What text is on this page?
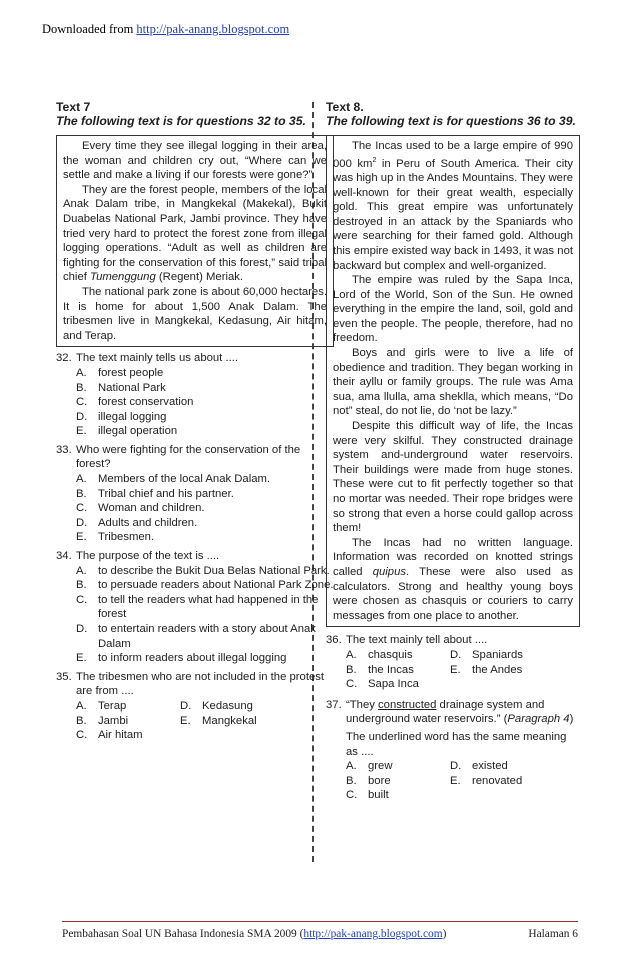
Downloaded from http://pak-anang.blogspot.com
Text 7
The following text is for questions 32 to 35.

Every time they see illegal logging in their area, the woman and children cry out, “Where can we settle and make a living if our forests were gone?”

They are the forest people, members of the local Anak Dalam tribe, in Mangkekal (Makekal), Bukit Duabelas National Park, Jambi province. They have tried very hard to protect the forest zone from illegal logging operations. “Adult as well as children are fighting for the conservation of this forest,” said tribal chief Tumenggung (Regent) Meriak.

The national park zone is about 60,000 hectares. It is home for about 1,500 Anak Dalam. The tribesmen live in Mangkekal, Kedasung, Air hitam, and Terap.

32. The text mainly tells us about ....
A.	forest people
B.	National Park
C. forest conservation
D. illegal logging
E.	illegal operation
33. Who were fighting for the conservation of the forest?
A.	Members of the local Anak Dalam.
B.	Tribal chief and his partner.
C. Woman and children.
D. Adults and children.
E.	Tribesmen.
34. The purpose of the text is ....
A.	to describe the Bukit Dua Belas National Park.
B.	to persuade readers about National Park Zone.
C. to tell the readers what had happened in the forest
D. to entertain readers with a story about Anak Dalam
E.	to inform readers about illegal logging
35. The tribesmen who are not included in the protest are from ....
A.	Terap	D. Kedasung
B.	Jambi	E.	Mangkekal
C. Air hitam
Text 8.
The following text is for questions 36 to 39.

The Incas used to be a large empire of 990 000 $km^2$ in Peru of South America. Their city was high up in the Andes Mountains. They were well-known for their great wealth, especially gold. This great empire was unfortunately destroyed in an attack by the Spaniards who were searching for their famed gold. Although this empire existed way back in 1493, it was not backward but complex and well-organized.

The empire was ruled by the Sapa Inca, Lord of the World, Son of the Sun. He owned everything in the empire the land, soil, gold and even the people. The people, therefore, had no freedom.

Boys and girls were to live a life of obedience and tradition. They began working in their ayllu or family groups. The rule was Ama sua, ama llulla, ama sheklla, which means, “Do not” steal, do not lie, do ‘not be lazy.”

Despite this difficult way of life, the Incas were very skilful. They constructed drainage system and-underground water reservoirs. Their buildings were made from huge stones. These were cut to fit perfectly together so that no mortar was needed. Their rope bridges were so strong that even a horse could gallop across them!

The Incas had no written language. Information was recorded on knotted strings called quipus. These were also used as calculators. Strong and healthy young boys were chosen as chasquis or couriers to carry messages from one place to another.

36. The text mainly tell about ....
A.	chasquis	D. Spaniards
B.	the Incas	E.	the Andes
C. Sapa Inca
37. “They constructed drainage system and underground water reservoirs.” (Paragraph 4)
The underlined word has the same meaning as ....
A.	grew	D. existed
B.	bore	E.	renovated
C. built
Pembahasan Soal UN Bahasa Indonesia SMA 2009 (http://pak-anang.blogspot.com)	Halaman 6
